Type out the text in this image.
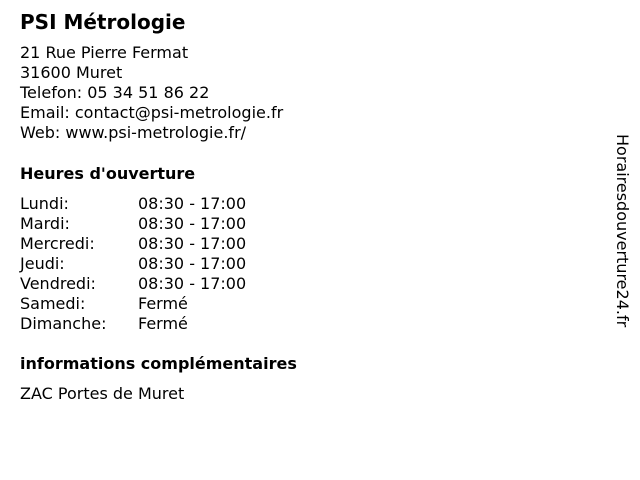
PSI Métrologie
21 Rue Pierre Fermat
31600 Muret
Telefon: 05 34 51 86 22
Email: contact@psi-metrologie.fr
Web: www.psi-metrologie.fr/
Heures d'ouverture
Lundi:	08:30 - 17:00
Mardi:	08:30 - 17:00
Mercredi:	08:30 - 17:00
Jeudi:	08:30 - 17:00
Vendredi:	08:30 - 17:00
Samedi:	Fermé
Dimanche: Fermé
informations complémentaires
ZAC Portes de Muret
Horairesdouverture24.fr
